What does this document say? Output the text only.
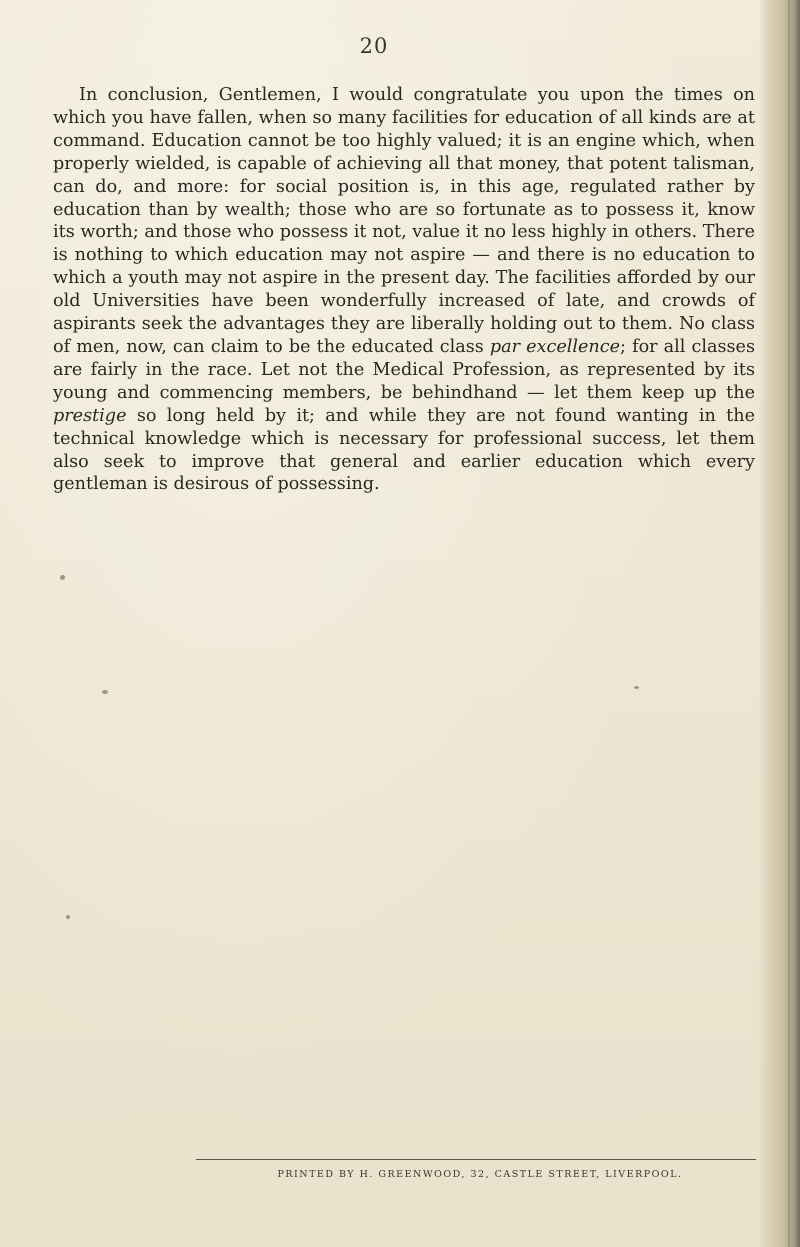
20

In conclusion, Gentlemen, I would congratulate you upon the times on which you have fallen, when so many facilities for education of all kinds are at command. Education cannot be too highly valued; it is an engine which, when properly wielded, is capable of achieving all that money, that potent talisman, can do, and more: for social position is, in this age, regulated rather by education than by wealth; those who are so fortunate as to possess it, know its worth; and those who possess it not, value it no less highly in others. There is nothing to which education may not aspire — and there is no education to which a youth may not aspire in the present day. The facilities afforded by our old Universities have been wonderfully increased of late, and crowds of aspirants seek the advantages they are liberally holding out to them. No class of men, now, can claim to be the educated class par excellence; for all classes are fairly in the race. Let not the Medical Profession, as represented by its young and commencing members, be behindhand — let them keep up the prestige so long held by it; and while they are not found wanting in the technical knowledge which is necessary for professional success, let them also seek to improve that general and earlier education which every gentleman is desirous of possessing.

PRINTED BY H. GREENWOOD, 32, CASTLE STREET, LIVERPOOL.
